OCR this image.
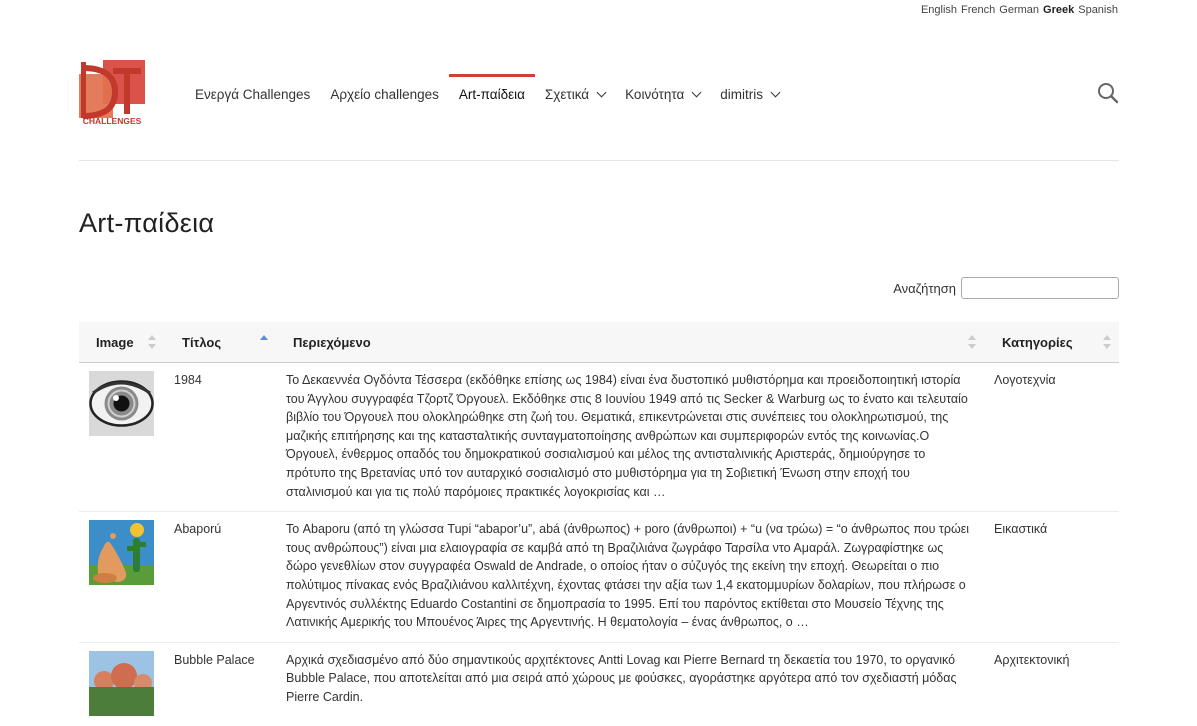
English French German Greek Spanish
CHALLENGES
Ενεργά Challenges	Αρχείο challenges	Art-παίδεια	Σχετικά	Κοινότητα	dimitris
Art-παίδεια
Αναζήτηση
Image	Τίτλος	Περιεχόμενο	Κατηγορίες

	1984	Το Δεκαεννέα Ογδόντα Τέσσερα (εκδόθηκε επίσης ως 1984) είναι ένα δυστοπικό μυθιστόρημα και προειδοποιητική ιστορία του Άγγλου συγγραφέα Τζορτζ Όργουελ. Εκδόθηκε στις 8 Ιουνίου 1949 από τις Secker & Warburg ως το ένατο και τελευταίο βιβλίο του Όργουελ που ολοκληρώθηκε στη ζωή του. Θεματικά, επικεντρώνεται στις συνέπειες του ολοκληρωτισμού, της μαζικής επιτήρησης και της κατασταλτικής συνταγματοποίησης ανθρώπων και συμπεριφορών εντός της κοινωνίας.Ο Όργουελ, ένθερμος οπαδός του δημοκρατικού σοσιαλισμού και μέλος της αντισταλινικής Αριστεράς, δημιούργησε το πρότυπο της Βρετανίας υπό τον αυταρχικό σοσιαλισμό στο μυθιστόρημα για τη Σοβιετική Ένωση στην εποχή του σταλινισμού και για τις πολύ παρόμοιες πρακτικές λογοκρισίας και …	Λογοτεχνία

	Abaporú	Το Abaporu (από τη γλώσσα Tupi “abapor’u”, abá (άνθρωπος) + poro (άνθρωποι) + “u (να τρώω) = “ο άνθρωπος που τρώει τους ανθρώπους”) είναι μια ελαιογραφία σε καμβά από τη Βραζιλιάνα ζωγράφο Ταρσίλα ντο Αμαράλ. Ζωγραφίστηκε ως δώρο γενεθλίων στον συγγραφέα Oswald de Andrade, ο οποίος ήταν ο σύζυγός της εκείνη την εποχή. Θεωρείται ο πιο πολύτιμος πίνακας ενός Βραζιλιάνου καλλιτέχνη, έχοντας φτάσει την αξία των 1,4 εκατομμυρίων δολαρίων, που πλήρωσε ο Αργεντινός συλλέκτης Eduardo Costantini σε δημοπρασία το 1995. Επί του παρόντος εκτίθεται στο Μουσείο Τέχνης της Λατινικής Αμερικής του Μπουένος Άιρες της Αργεντινής. Η θεματολογία – ένας άνθρωπος, ο …	Εικαστικά

	Bubble Palace	Αρχικά σχεδιασμένο από δύο σημαντικούς αρχιτέκτονες Antti Lovag και Pierre Bernard τη δεκαετία του 1970, το οργανικό Bubble Palace, που αποτελείται από μια σειρά από χώρους με φούσκες, αγοράστηκε αργότερα από τον σχεδιαστή μόδας Pierre Cardin.	Αρχιτεκτονική
